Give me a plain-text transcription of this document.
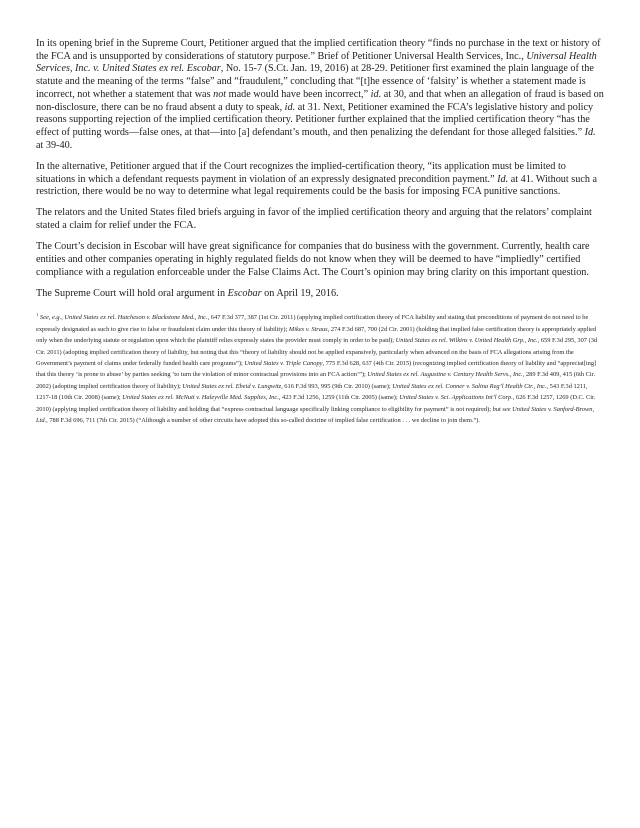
In its opening brief in the Supreme Court, Petitioner argued that the implied certification theory “finds no purchase in the text or history of the FCA and is unsupported by considerations of statutory purpose.” Brief of Petitioner Universal Health Services, Inc., Universal Health Services, Inc. v. United States ex rel. Escobar, No. 15-7 (S.Ct. Jan. 19, 2016) at 28-29. Petitioner first examined the plain language of the statute and the meaning of the terms “false” and “fraudulent,” concluding that “[t]he essence of ‘falsity’ is whether a statement made is incorrect, not whether a statement that was not made would have been incorrect,” id. at 30, and that when an allegation of fraud is based on non-disclosure, there can be no fraud absent a duty to speak, id. at 31. Next, Petitioner examined the FCA’s legislative history and policy reasons supporting rejection of the implied certification theory. Petitioner further explained that the implied certification theory “has the effect of putting words—false ones, at that—into [a] defendant’s mouth, and then penalizing the defendant for those alleged falsities.” Id. at 39-40.

In the alternative, Petitioner argued that if the Court recognizes the implied-certification theory, “its application must be limited to situations in which a defendant requests payment in violation of an expressly designated precondition payment.” Id. at 41. Without such a restriction, there would be no way to determine what legal requirements could be the basis for imposing FCA punitive sanctions.

The relators and the United States filed briefs arguing in favor of the implied certification theory and arguing that the relators’ complaint stated a claim for relief under the FCA.

The Court’s decision in Escobar will have great significance for companies that do business with the government. Currently, health care entities and other companies operating in highly regulated fields do not know when they will be deemed to have “impliedly” certified compliance with a regulation enforceable under the False Claims Act. The Court’s opinion may bring clarity on this important question.

The Supreme Court will hold oral argument in Escobar on April 19, 2016.

$^1$ See, e.g., United States ex rel. Hutcheson v. Blackstone Med., Inc., 647 F.3d 377, 387 (1st Cir. 2011) (applying implied certification theory of FCA liability and stating that preconditions of payment do not need to be expressly designated as such to give rise to false or fraudulent claim under this theory of liability); Mikes v. Straus, 274 F.3d 687, 700 (2d Cir. 2001) (holding that implied false certification theory is appropriately applied only when the underlying statute or regulation upon which the plaintiff relies expressly states the provider must comply in order to be paid); United States ex rel. Wilkins v. United Health Grp., Inc., 659 F.3d 295, 307 (3d Cir. 2011) (adopting implied certification theory of liability, but noting that this “theory of liability should not be applied expansively, particularly when advanced on the basis of FCA allegations arising from the Government’s payment of claims under federally funded health care programs”); United States v. Triple Canopy, 775 F.3d 628, 637 (4th Cir. 2015) (recognizing implied certification theory of liability and “appreciat[ing] that this theory ‘is prone to abuse’ by parties seeking ‘to turn the violation of minor contractual provisions into an FCA action’”); United States ex rel. Augustine v. Century Health Servs., Inc., 289 F.3d 409, 415 (6th Cir. 2002) (adopting implied certification theory of liability); United States ex rel. Ebeid v. Lungwitz, 616 F.3d 993, 995 (9th Cir. 2010) (same); United States ex rel. Conner v. Salina Reg’l Health Ctr., Inc., 543 F.3d 1211, 1217-18 (10th Cir. 2008) (same); United States ex rel. McNutt v. Haleyville Med. Supplies, Inc., 423 F.3d 1256, 1259 (11th Cir. 2005) (same); United States v. Sci. Applications Int’l Corp., 626 F.3d 1257, 1269 (D.C. Cir. 2010) (applying implied certification theory of liability and holding that “express contractual language specifically linking compliance to eligibility for payment” is not required); but see United States v. Sanford-Brown, Ltd., 788 F.3d 696, 711 (7th Cir. 2015) (“Although a number of other circuits have adopted this so-called doctrine of implied false certification . . . we decline to join them.”).
